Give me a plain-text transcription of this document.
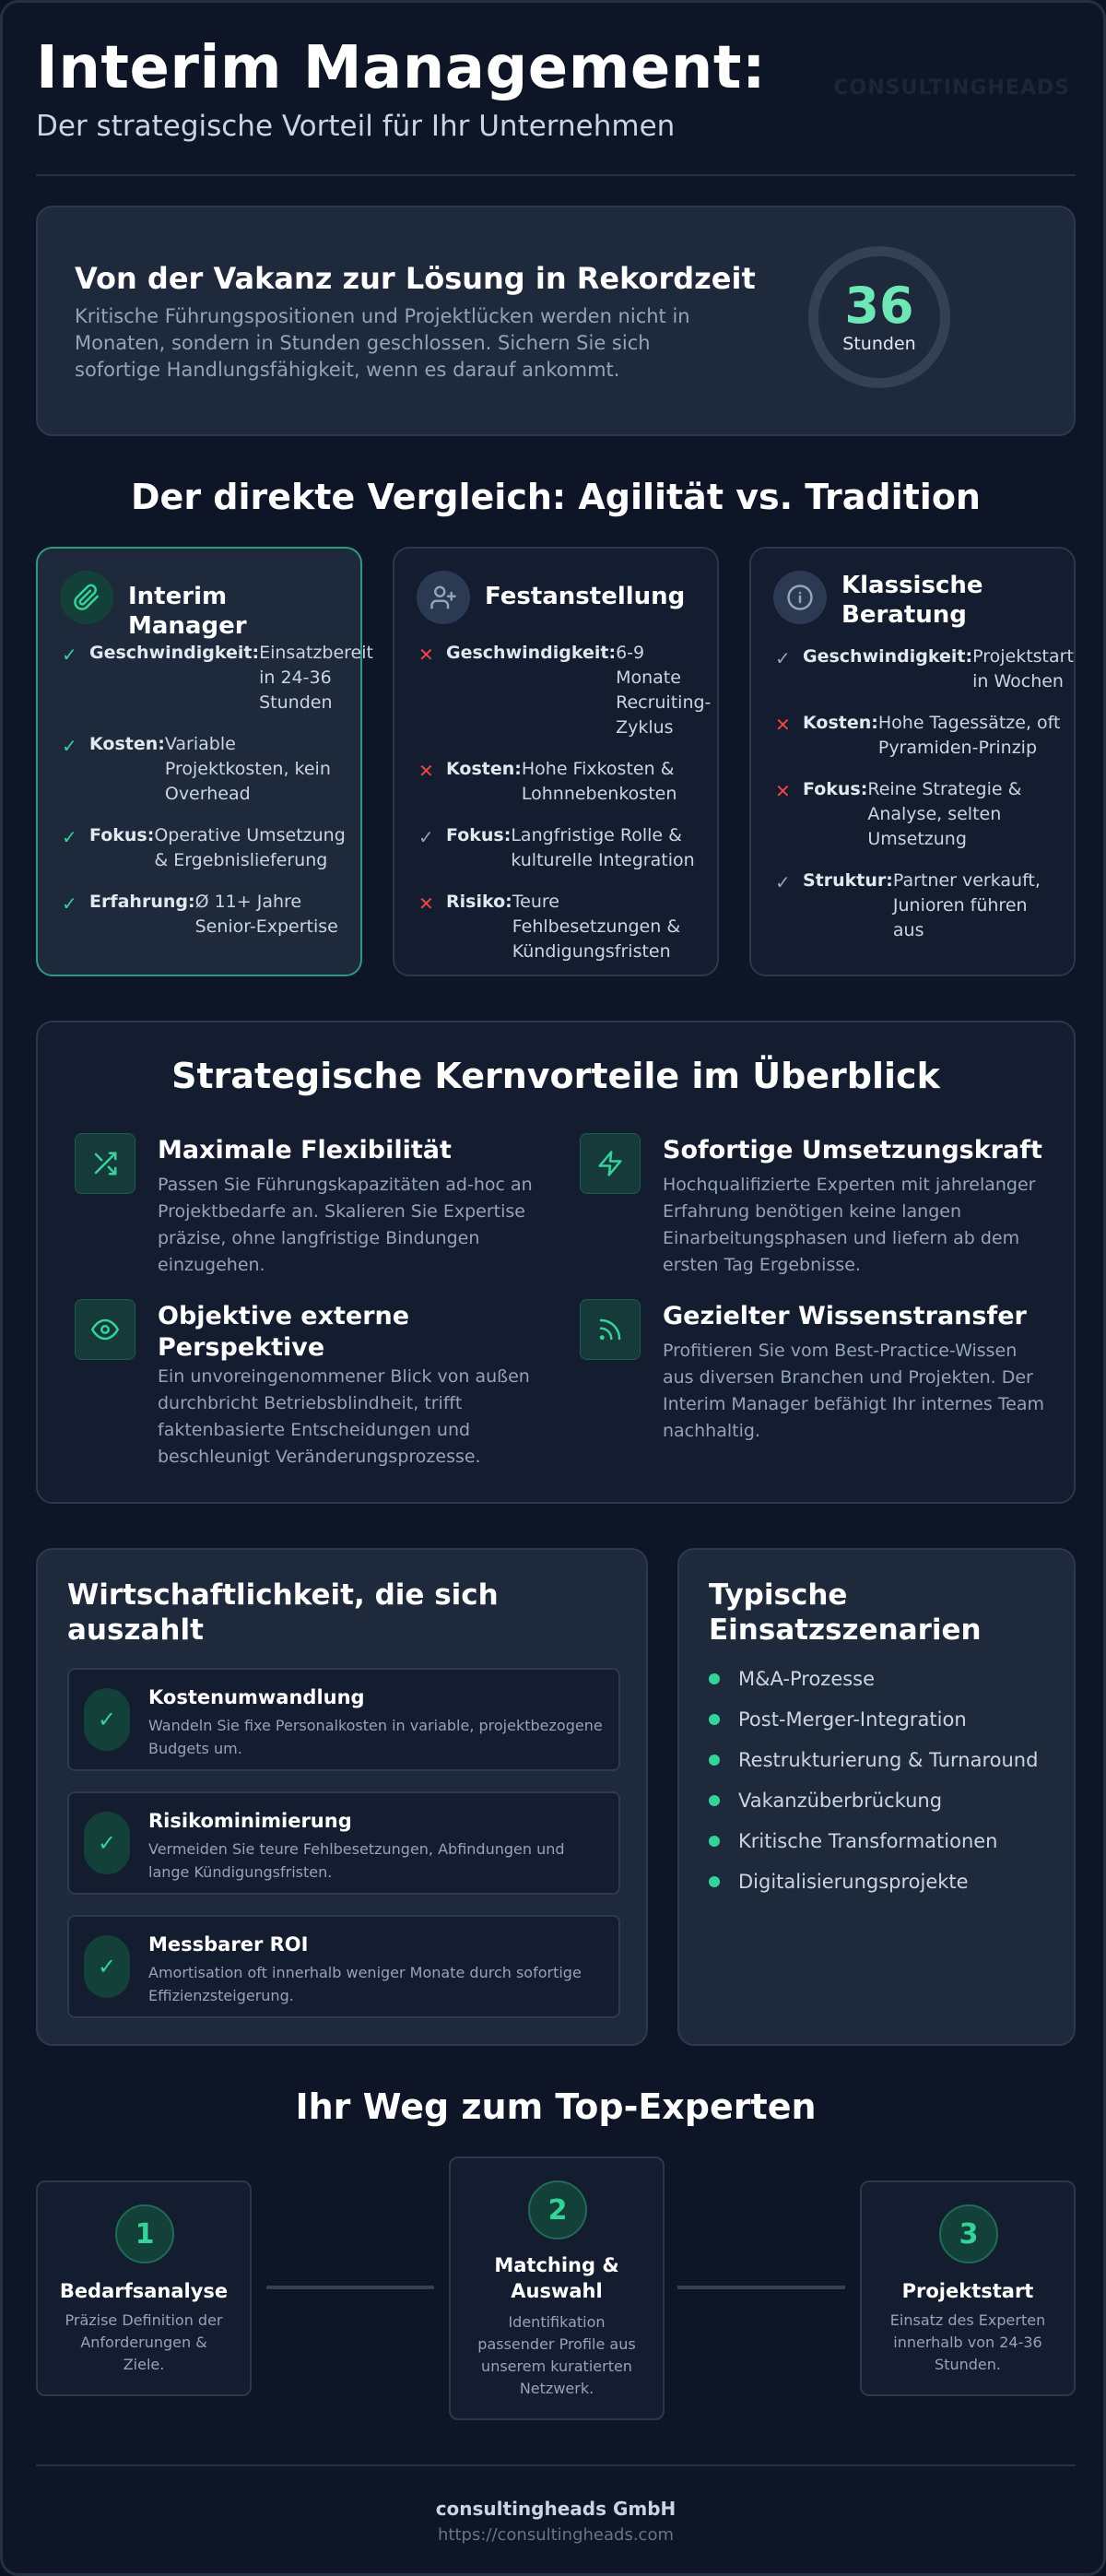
Interim Management:
Der strategische Vorteil für Ihr Unternehmen
CONSULTINGHEADS
Von der Vakanz zur Lösung in Rekordzeit

Kritische Führungspositionen und Projektlücken werden nicht in Monaten, sondern in Stunden geschlossen. Sichern Sie sich sofortige Handlungsfähigkeit, wenn es darauf ankommt.

36
Stunden
Der direkte Vergleich: Agilität vs. Tradition
Interim Manager
✓ Geschwindigkeit: Einsatzbereit in 24-36 Stunden
✓ Kosten: Variable Projektkosten, kein Overhead
✓ Fokus: Operative Umsetzung & Ergebnislieferung
✓ Erfahrung: Ø 11+ Jahre Senior-Expertise
Festanstellung
✕ Geschwindigkeit: 6-9 Monate Recruiting-Zyklus
✕ Kosten: Hohe Fixkosten & Lohnnebenkosten
✓ Fokus: Langfristige Rolle & kulturelle Integration
✕ Risiko: Teure Fehlbesetzungen & Kündigungsfristen
Klassische Beratung
✓ Geschwindigkeit: Projektstart in Wochen
✕ Kosten: Hohe Tagessätze, oft Pyramiden-Prinzip
✕ Fokus: Reine Strategie & Analyse, selten Umsetzung
✓ Struktur: Partner verkauft, Junioren führen aus
Strategische Kernvorteile im Überblick
Maximale Flexibilität

Passen Sie Führungskapazitäten ad-hoc an Projektbedarfe an. Skalieren Sie Expertise präzise, ohne langfristige Bindungen einzugehen.

Sofortige Umsetzungskraft

Hochqualifizierte Experten mit jahrelanger Erfahrung benötigen keine langen Einarbeitungsphasen und liefern ab dem ersten Tag Ergebnisse.

Objektive externe Perspektive

Ein unvoreingenommener Blick von außen durchbricht Betriebsblindheit, trifft faktenbasierte Entscheidungen und beschleunigt Veränderungsprozesse.

Gezielter Wissenstransfer

Profitieren Sie vom Best-Practice-Wissen aus diversen Branchen und Projekten. Der Interim Manager befähigt Ihr internes Team nachhaltig.

Wirtschaftlichkeit, die sich auszahlt
✓
Kostenumwandlung
Wandeln Sie fixe Personalkosten in variable, projektbezogene Budgets um.
✓
Risikominimierung
Vermeiden Sie teure Fehlbesetzungen, Abfindungen und lange Kündigungsfristen.
✓
Messbarer ROI
Amortisation oft innerhalb weniger Monate durch sofortige Effizienzsteigerung.
Typische Einsatzszenarien
M&A-Prozesse
Post-Merger-Integration
Restrukturierung & Turnaround
Vakanzüberbrückung
Kritische Transformationen
Digitalisierungsprojekte
Ihr Weg zum Top-Experten
1
Bedarfsanalyse
Präzise Definition der Anforderungen & Ziele.
2
Matching & Auswahl
Identifikation passender Profile aus unserem kuratierten Netzwerk.
3
Projektstart
Einsatz des Experten innerhalb von 24-36 Stunden.
consultingheads GmbH
https://consultingheads.com
